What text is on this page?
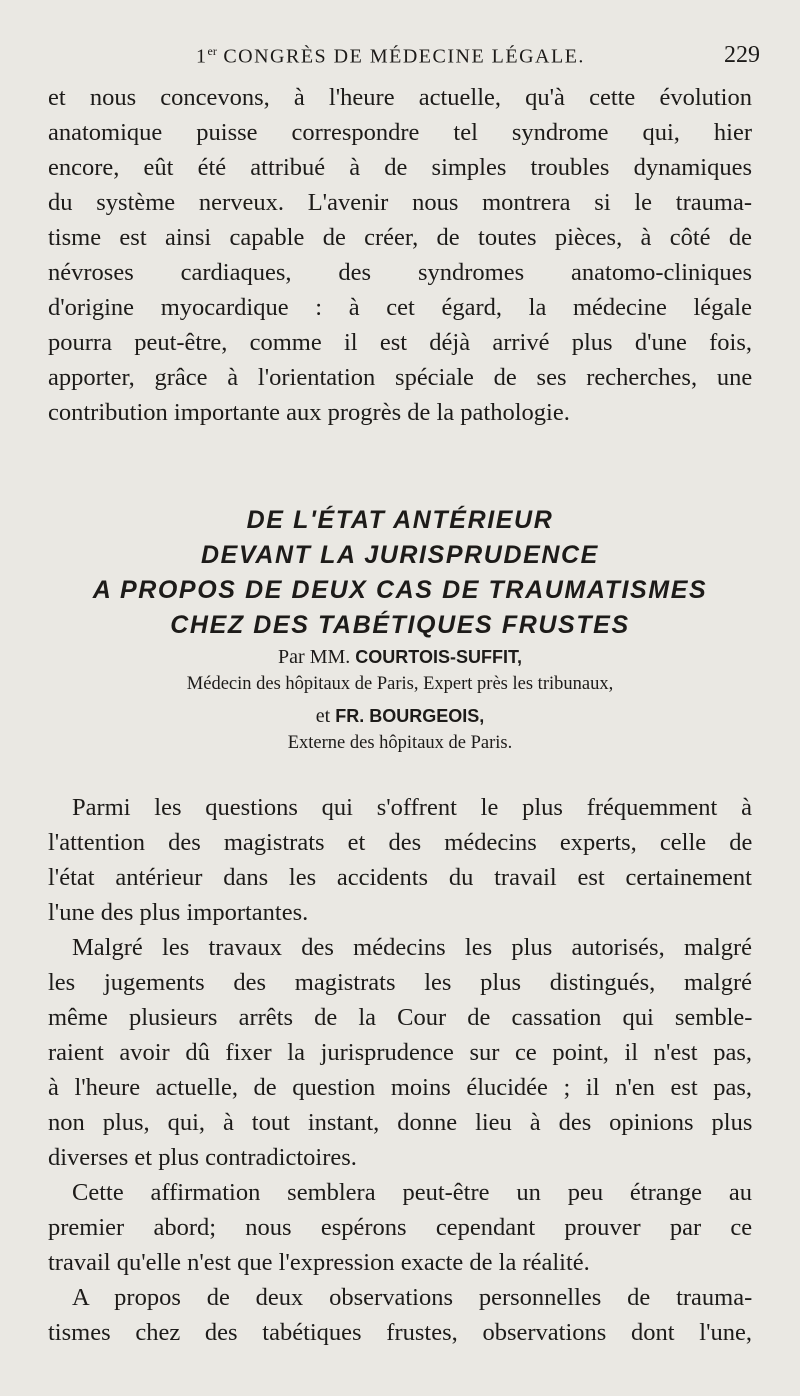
1er CONGRÈS DE MÉDECINE LÉGALE.	229
et nous concevons, à l'heure actuelle, qu'à cette évolution
anatomique puisse correspondre tel syndrome qui, hier
encore, eût été attribué à de simples troubles dynamiques
du système nerveux. L'avenir nous montrera si le trauma-
tisme est ainsi capable de créer, de toutes pièces, à côté de
névroses cardiaques, des syndromes anatomo-cliniques
d'origine myocardique : à cet égard, la médecine légale
pourra peut-être, comme il est déjà arrivé plus d'une fois,
apporter, grâce à l'orientation spéciale de ses recherches, une
contribution importante aux progrès de la pathologie.
DE L'ÉTAT ANTÉRIEUR
DEVANT LA JURISPRUDENCE
A PROPOS DE DEUX CAS DE TRAUMATISMES
CHEZ DES TABÉTIQUES FRUSTES
Par MM. COURTOIS-SUFFIT,
Médecin des hôpitaux de Paris, Expert près les tribunaux,
et FR. BOURGEOIS,
Externe des hôpitaux de Paris.
Parmi les questions qui s'offrent le plus fréquemment à
l'attention des magistrats et des médecins experts, celle de
l'état antérieur dans les accidents du travail est certainement
l'une des plus importantes.
Malgré les travaux des médecins les plus autorisés, malgré
les jugements des magistrats les plus distingués, malgré
même plusieurs arrêts de la Cour de cassation qui semble-
raient avoir dû fixer la jurisprudence sur ce point, il n'est pas,
à l'heure actuelle, de question moins élucidée ; il n'en est pas,
non plus, qui, à tout instant, donne lieu à des opinions plus
diverses et plus contradictoires.
Cette affirmation semblera peut-être un peu étrange au
premier abord; nous espérons cependant prouver par ce
travail qu'elle n'est que l'expression exacte de la réalité.
A propos de deux observations personnelles de trauma-
tismes chez des tabétiques frustes, observations dont l'une,
